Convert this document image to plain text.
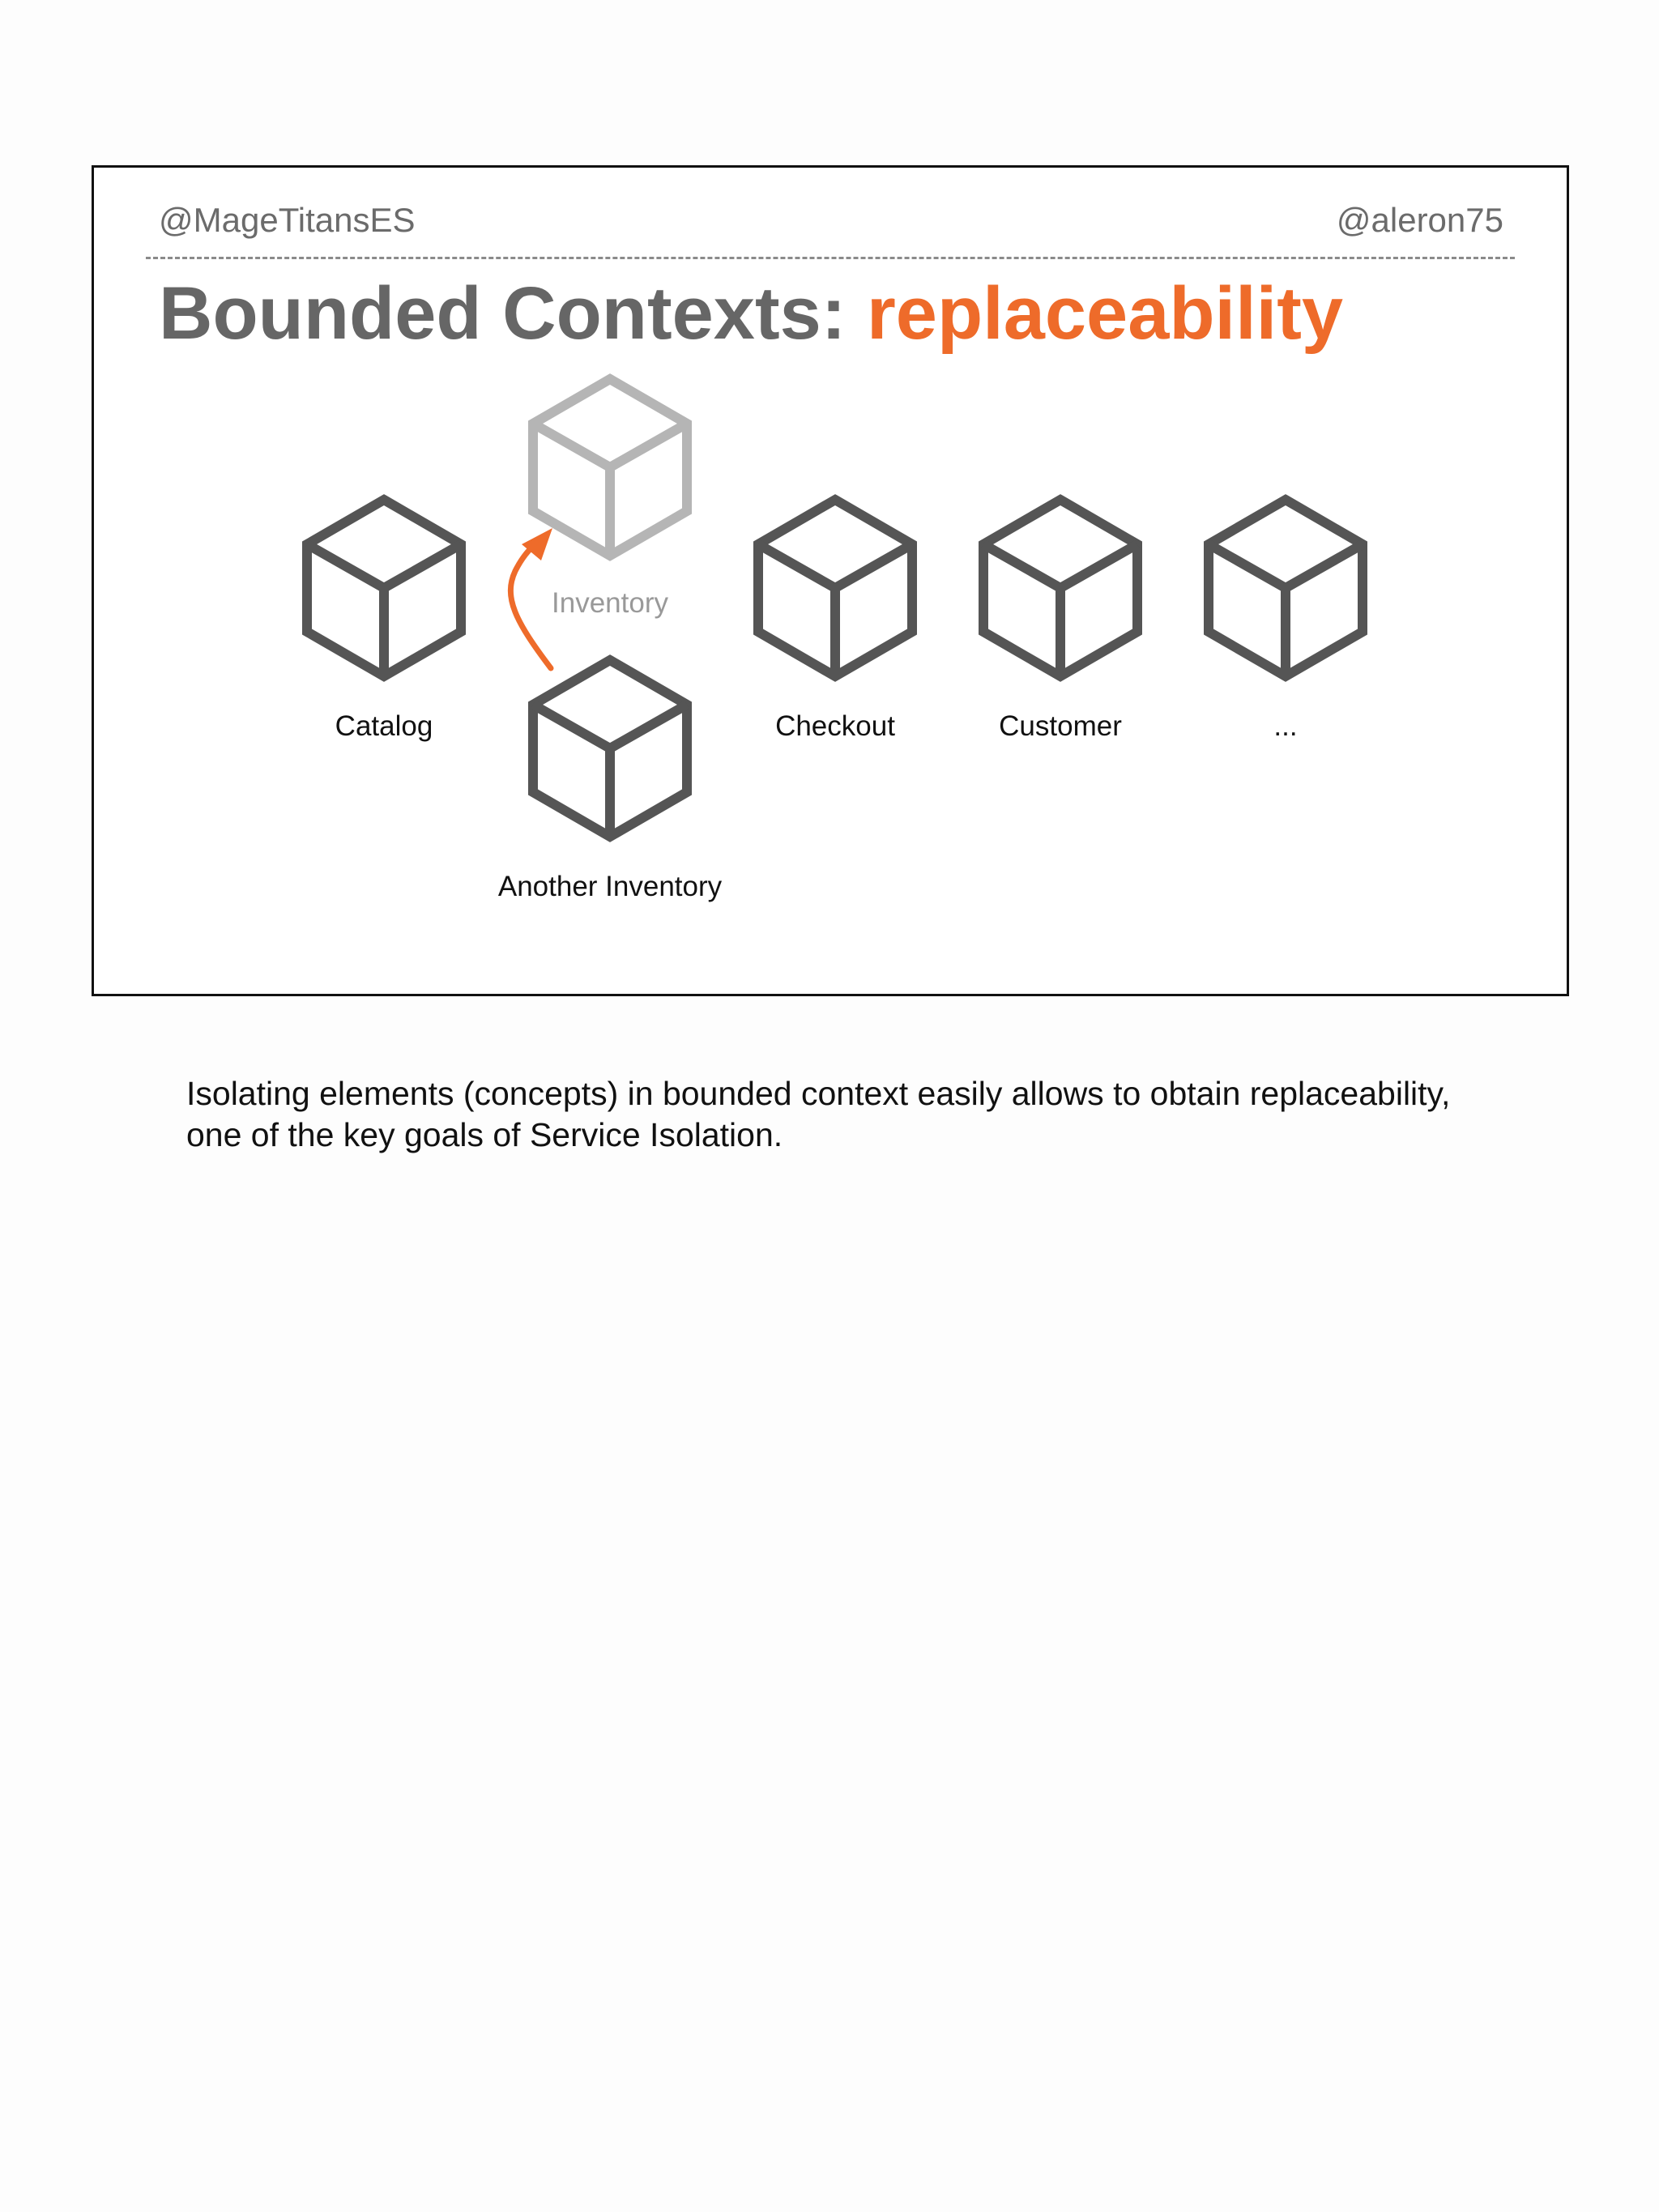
@MageTitansES	@aleron75
Bounded Contexts: replaceability
Catalog
Inventory
Another Inventory
Checkout	Customer	...
Isolating elements (concepts) in bounded context easily allows to obtain replaceability, one of the key goals of Service Isolation.
